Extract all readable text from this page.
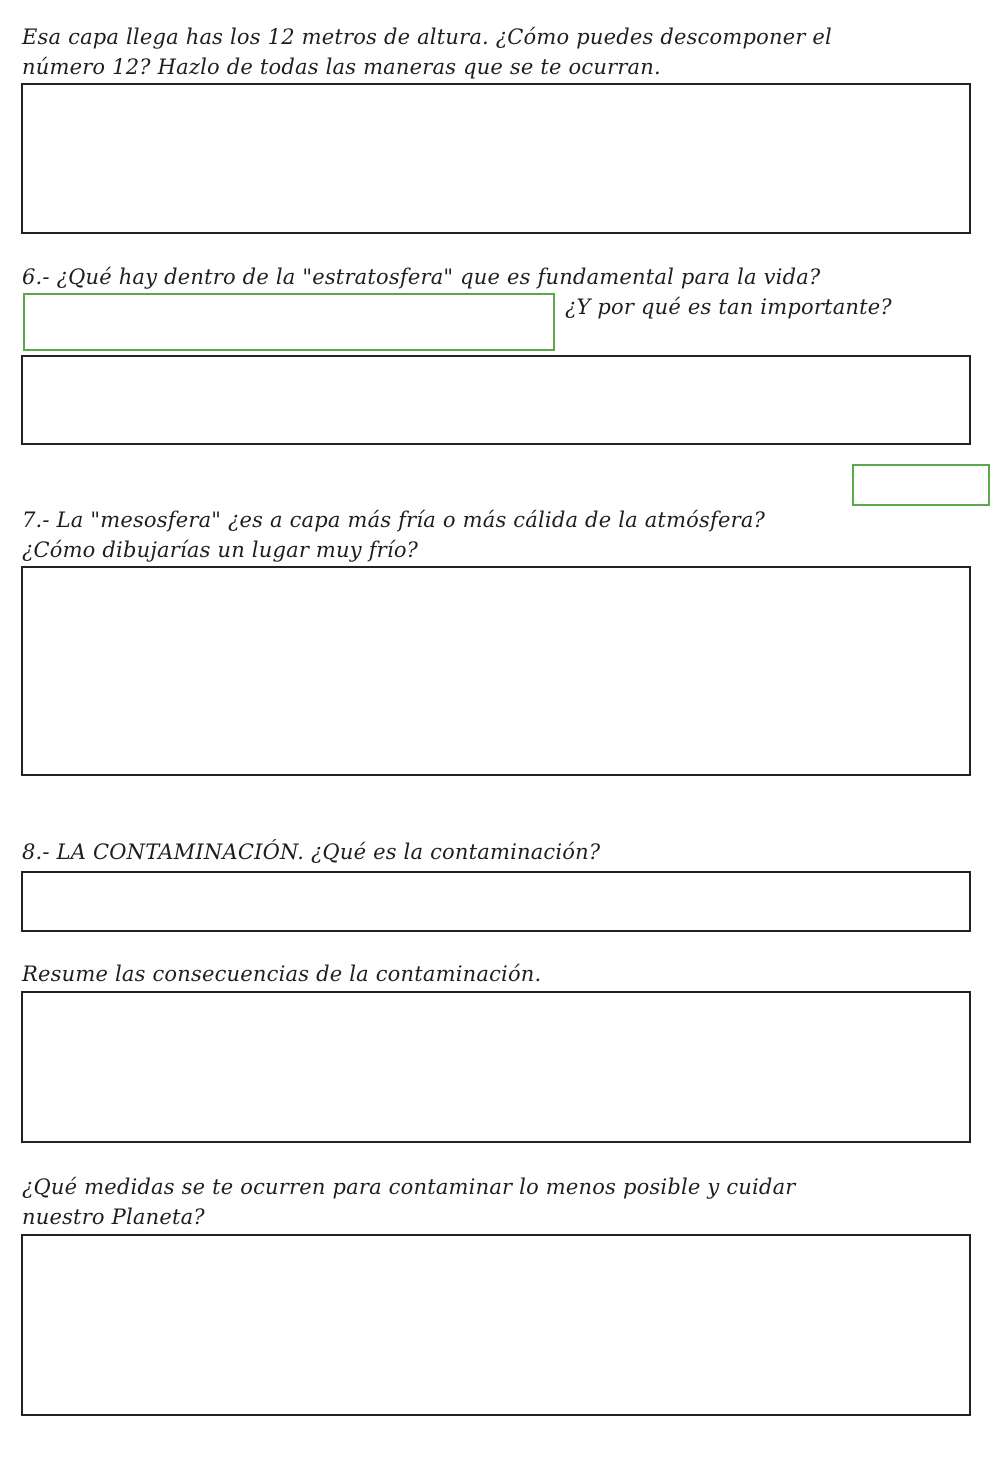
Esa capa llega has los 12 metros de altura. ¿Cómo puedes descomponer el

número 12? Hazlo de todas las maneras que se te ocurran.

6.- ¿Qué hay dentro de la "estratosfera" que es fundamental para la vida?

¿Y por qué es tan importante?

7.- La "mesosfera" ¿es a capa más fría o más cálida de la atmósfera?

¿Cómo dibujarías un lugar muy frío?

8.- LA CONTAMINACIÓN. ¿Qué es la contaminación?

Resume las consecuencias de la contaminación.

¿Qué medidas se te ocurren para contaminar lo menos posible y cuidar

nuestro Planeta?
